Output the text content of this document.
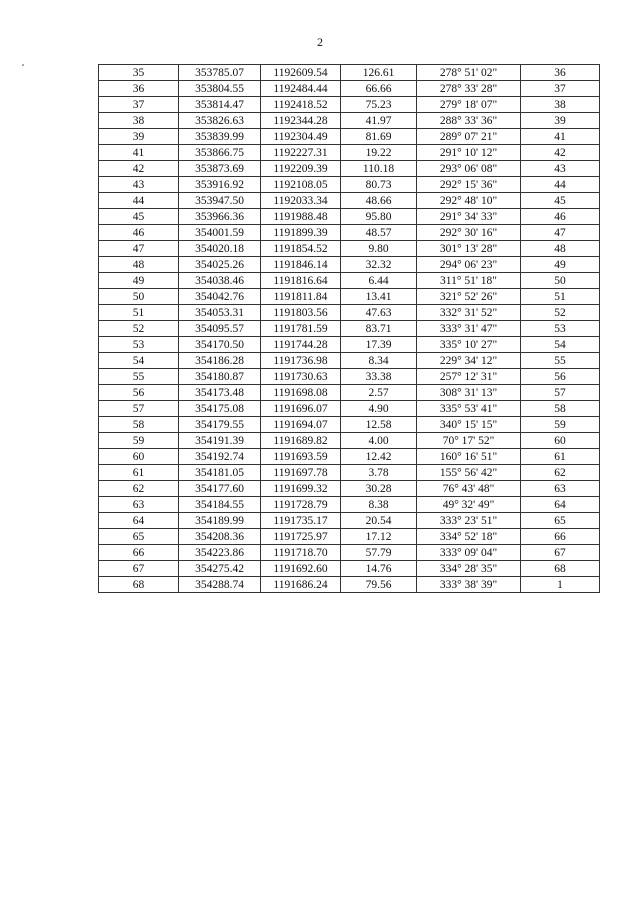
2
35	353785.07	1192609.54	126.61	278° 51' 02"	36
36	353804.55	1192484.44	66.66	278° 33' 28"	37
37	353814.47	1192418.52	75.23	279° 18' 07"	38
38	353826.63	1192344.28	41.97	288° 33' 36"	39
39	353839.99	1192304.49	81.69	289° 07' 21"	41
41	353866.75	1192227.31	19.22	291° 10' 12"	42
42	353873.69	1192209.39	110.18	293° 06' 08"	43
43	353916.92	1192108.05	80.73	292° 15' 36"	44
44	353947.50	1192033.34	48.66	292° 48' 10"	45
45	353966.36	1191988.48	95.80	291° 34' 33"	46
46	354001.59	1191899.39	48.57	292° 30' 16"	47
47	354020.18	1191854.52	9.80	301° 13' 28"	48
48	354025.26	1191846.14	32.32	294° 06' 23"	49
49	354038.46	1191816.64	6.44	311° 51' 18"	50
50	354042.76	1191811.84	13.41	321° 52' 26"	51
51	354053.31	1191803.56	47.63	332° 31' 52"	52
52	354095.57	1191781.59	83.71	333° 31' 47"	53
53	354170.50	1191744.28	17.39	335° 10' 27"	54
54	354186.28	1191736.98	8.34	229° 34' 12"	55
55	354180.87	1191730.63	33.38	257° 12' 31"	56
56	354173.48	1191698.08	2.57	308° 31' 13"	57
57	354175.08	1191696.07	4.90	335° 53' 41"	58
58	354179.55	1191694.07	12.58	340° 15' 15"	59
59	354191.39	1191689.82	4.00	70° 17' 52"	60
60	354192.74	1191693.59	12.42	160° 16' 51"	61
61	354181.05	1191697.78	3.78	155° 56' 42"	62
62	354177.60	1191699.32	30.28	76° 43' 48"	63
63	354184.55	1191728.79	8.38	49° 32' 49"	64
64	354189.99	1191735.17	20.54	333° 23' 51"	65
65	354208.36	1191725.97	17.12	334° 52' 18"	66
66	354223.86	1191718.70	57.79	333° 09' 04"	67
67	354275.42	1191692.60	14.76	334° 28' 35"	68
68	354288.74	1191686.24	79.56	333° 38' 39"	1
